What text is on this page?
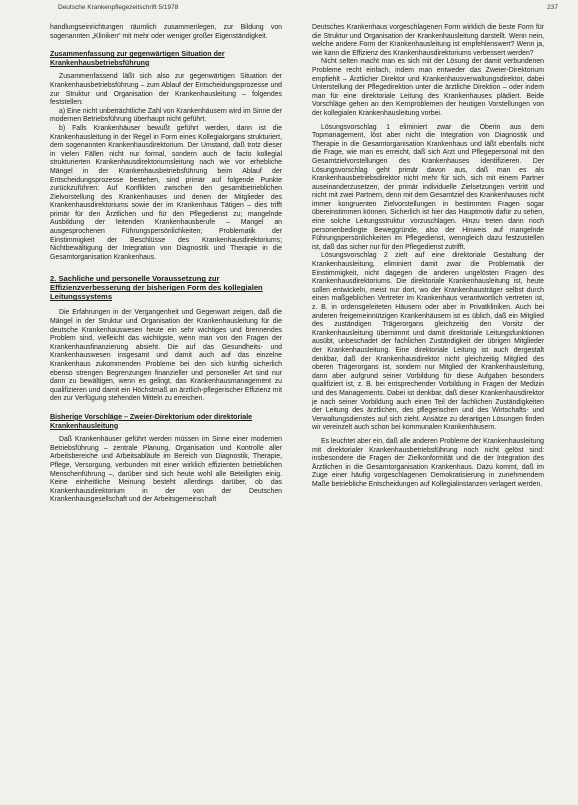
Deutsche Krankenpflegezeitschrift 5/1978	237

handlungseinrichtungen räumlich zusammenlegen, zur Bildung von sogenannten „Kliniken“ mit mehr oder weniger großer Eigenständigkeit.

Zusammenfassung zur gegenwärtigen Situation der Krankenhausbetriebsführung

Zusammenfassend läßt sich also zur gegenwärtigen Situation der Krankenhausbetriebsführung – zum Ablauf der Entscheidungsprozesse und zur Struktur und Organisation der Krankenhausleitung – folgendes feststellen:

a) Eine nicht unbeträchtliche Zahl von Krankenhäusern wird im Sinne der modernen Betriebsführung überhaupt nicht geführt.

b) Falls Krankenhäuser bewußt geführt werden, dann ist die Krankenhausleitung in der Regel in Form eines Kollegialorgans strukturiert, dem sogenannten Krankenhausdirektorium. Der Umstand, daß trotz dieser in vielen Fällen nicht nur formal, sondern auch de facto kollegial strukturierten Krankenhausdirektoriumsleitung nach wie vor erhebliche Mängel in der Krankenhausbetriebsführung beim Ablauf der Entscheidungsprozesse bestehen, sind primär auf folgende Punkte zurückzuführen: Auf Konflikten zwischen den gesamtbetrieblichen Zielvorstellung des Krankenhauses und denen der Mitglieder des Krankenhausdirektoriums sowie der im Krankenhaus Tätigen – dies trifft primär für den Ärztlichen und für den Pflegedienst zu; mangelnde Ausbildung der leitenden Krankenhausberufe – Mangel an ausgesprochenen Führungspersönlichkeiten; Problematik der Einstimmigkeit der Beschlüsse des Krankenhausdirektoriums; Nichtbewältigung der Integration von Diagnostik und Therapie in die Gesamtorganisation Krankenhaus.

2. Sachliche und personelle Voraussetzung zur Effizienzverbesserung der bisherigen Form des kollegialen Leitungssystems

Die Erfahrungen in der Vergangenheit und Gegenwart zeigen, daß die Mängel in der Struktur und Organisation der Krankenhausleitung für die deutsche Krankenhauswesen heute ein sehr wichtiges und brennendes Problem sind, vielleicht das wichtigste, wenn man von den Fragen der Krankenhausfinanzierung absieht. Die auf das Gesundheits- und Krankenhauswesen insgesamt und damit auch auf das einzelne Krankenhaus zukommenden Probleme bei den sich künftig sicherlich ebenso strengen Begrenzungen finanzieller und personeller Art sind nur dann zu bewältigen, wenn es gelingt, das Krankenhausmanagement zu qualifizieren und damit ein Höchstmaß an ärztlich-pflegerischer Effizienz mit den zur Verfügung stehenden Mitteln zu erreichen.

Bisherige Vorschläge – Zweier-Direktorium oder direktoriale Krankenhausleitung

Daß Krankenhäuser geführt werden müssen im Sinne einer modernen Betriebsführung – zentrale Planung, Organisation und Kontrolle aller Arbeitsbereiche und Arbeitsabläufe im Bereich von Diagnostik, Therapie, Pflege, Versorgung, verbunden mit einer wirklich effizienten betrieblichen Menschenführung –, darüber sind sich heute wohl alle Beteiligten einig. Keine einheitliche Meinung besteht allerdings darüber, ob das Krankenhausdirektorium in der von der Deutschen Krankenhausgesellschaft und der Arbeitsgemeinschaft

Deutsches Krankenhaus vorgeschlagenen Form wirklich die beste Form für die Struktur und Organisation der Krankenhausleitung darstellt. Wenn nein, welche andere Form der Krankenhausleitung ist empfehlenswert? Wenn ja, wie kann die Effizienz des Krankenhausdirektoriums verbessert werden?

Nicht selten macht man es sich mit der Lösung der damit verbundenen Probleme recht einfach, indem man entweder das Zweier-Direktorium empfiehlt – Ärztlicher Direktor und Krankenhausverwaltungsdirektor, dabei Unterstellung der Pflegedirektion unter die ärztliche Direktion – oder indem man für eine direktoriale Leitung des Krankenhauses plädiert. Beide Vorschläge gehen an den Kernproblemen der heutigen Vorstellungen von der kollegialen Krankenhausleitung vorbei.

Lösungsvorschlag 1 eliminiert zwar die Oberin aus dem Topmanagement, löst aber nicht die Integration von Diagnostik und Therapie in die Gesamtorganisation Krankenhaus und läßt ebenfalls nicht die Frage, wie man es erreicht, daß sich Arzt und Pflegepersonal mit den Gesamtzielvorstellungen des Krankenhauses identifizieren. Der Lösungsvorschlag geht primär davon aus, daß man es als Krankenhausbetriebsdirektor nicht mehr für sich, sich mit einem Partner auseinanderzusetzen, der primär individuelle Zielsetzungen vertritt und nicht mit zwei Partnern, denn mit dem Gesamtziel des Krankenhauses nicht immer kongruenten Zielvorstellungen in bestimmten Fragen sogar übereinstimmen können. Sicherlich ist hier das Hauptmotiv dafür zu sehen, eine solche Leitungsstruktur vorzuschlagen. Hinzu treten dann noch personenbedingte Beweggründe, also der Hinweis auf mangelnde Führungspersönlichkeiten im Pflegedienst, wenngleich dazu festzustellen ist, daß das sicher nur für den Pflegedienst zutrifft.

Lösungsvorschlag 2 zielt auf eine direktoriale Gestaltung der Krankenhausleitung, eliminiert damit zwar die Problematik der Einstimmigkeit, nicht dagegen die anderen ungelösten Fragen des Krankenhausdirektoriums. Die direktoriale Krankenhausleitung ist, heute sollen entwickeln, meist nur dort, wo der Krankenhausträger selbst durch einen maßgeblichen Vertreter im Krankenhaus verantwortlich vertreten ist, z. B. in ordensgeleiteten Häusern oder aber in Privatkliniken. Auch bei anderen freigemeinnützigen Krankenhäusern ist es üblich, daß ein Mitglied des zuständigen Trägerorgans gleichzeitig den Vorsitz der Krankenhausleitung übernimmt und damit direktoriale Leitungsfunktionen ausübt, unbeschadet der fachlichen Zuständigkeit der übrigen Mitglieder der Krankenhausleitung. Eine direktoriale Leitung ist auch dergestalt denkbar, daß der Krankenhausdirektor nicht gleichzeitig Mitglied des oberen Trägerorgans ist, sondern nur Mitglied der Krankenhausleitung, dann aber aufgrund seiner Vorbildung für diese Aufgaben besonders qualifiziert ist, z. B. bei entsprechender Vorbildung in Fragen der Medizin und des Managements. Dabei ist denkbar, daß dieser Krankenhausdirektor je nach seiner Vorbildung auch einen Teil der fachlichen Zuständigkeiten der Leitung des ärztlichen, des pflegerischen und des Wirtschafts- und Verwaltungsdienstes auf sich zieht. Ansätze zu derartigen Lösungen finden wir vereinzelt auch schon bei kommunalen Krankenhäusern.

Es leuchtet aber ein, daß alle anderen Probleme der Krankenhausleitung mit direktorialer Krankenhausbetriebsführung noch nicht gelöst sind: insbesondere die Fragen der Zielkonformität und die der Integration des Ärztlichen in die Gesamtorganisation Krankenhaus. Dazu kommt, daß im Zuge einer häufig vorgeschlagenen Demokratisierung in zunehmendem Maße betriebliche Entscheidungen auf Kollegialinstanzen verlagert werden.
